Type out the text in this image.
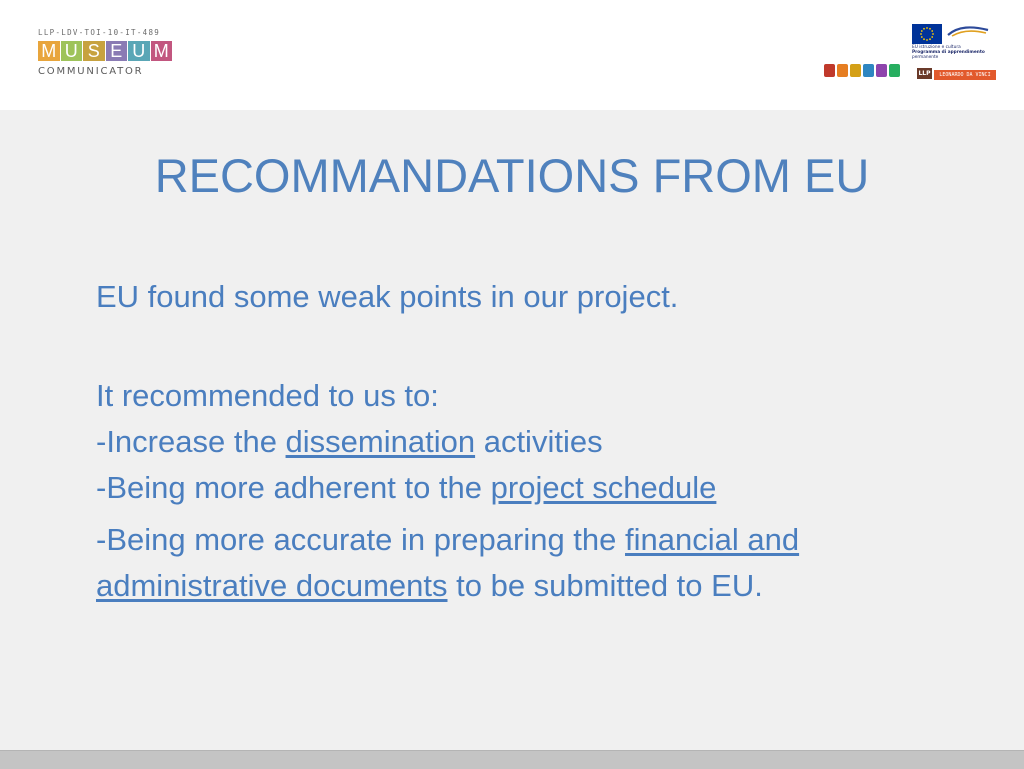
LLP-LDV-TOI-10-IT-489
M U S E U M
COMMUNICATOR
EU istruzione e cultura
Programma di apprendimento
permanente
LLP	LEONARDO DA VINCI
RECOMMANDATIONS FROM EU

EU found some weak points in our project.

It recommended to us to:

-Increase the dissemination activities

-Being more adherent to the project schedule

-Being more accurate in preparing the financial and administrative documents to be submitted to EU.
